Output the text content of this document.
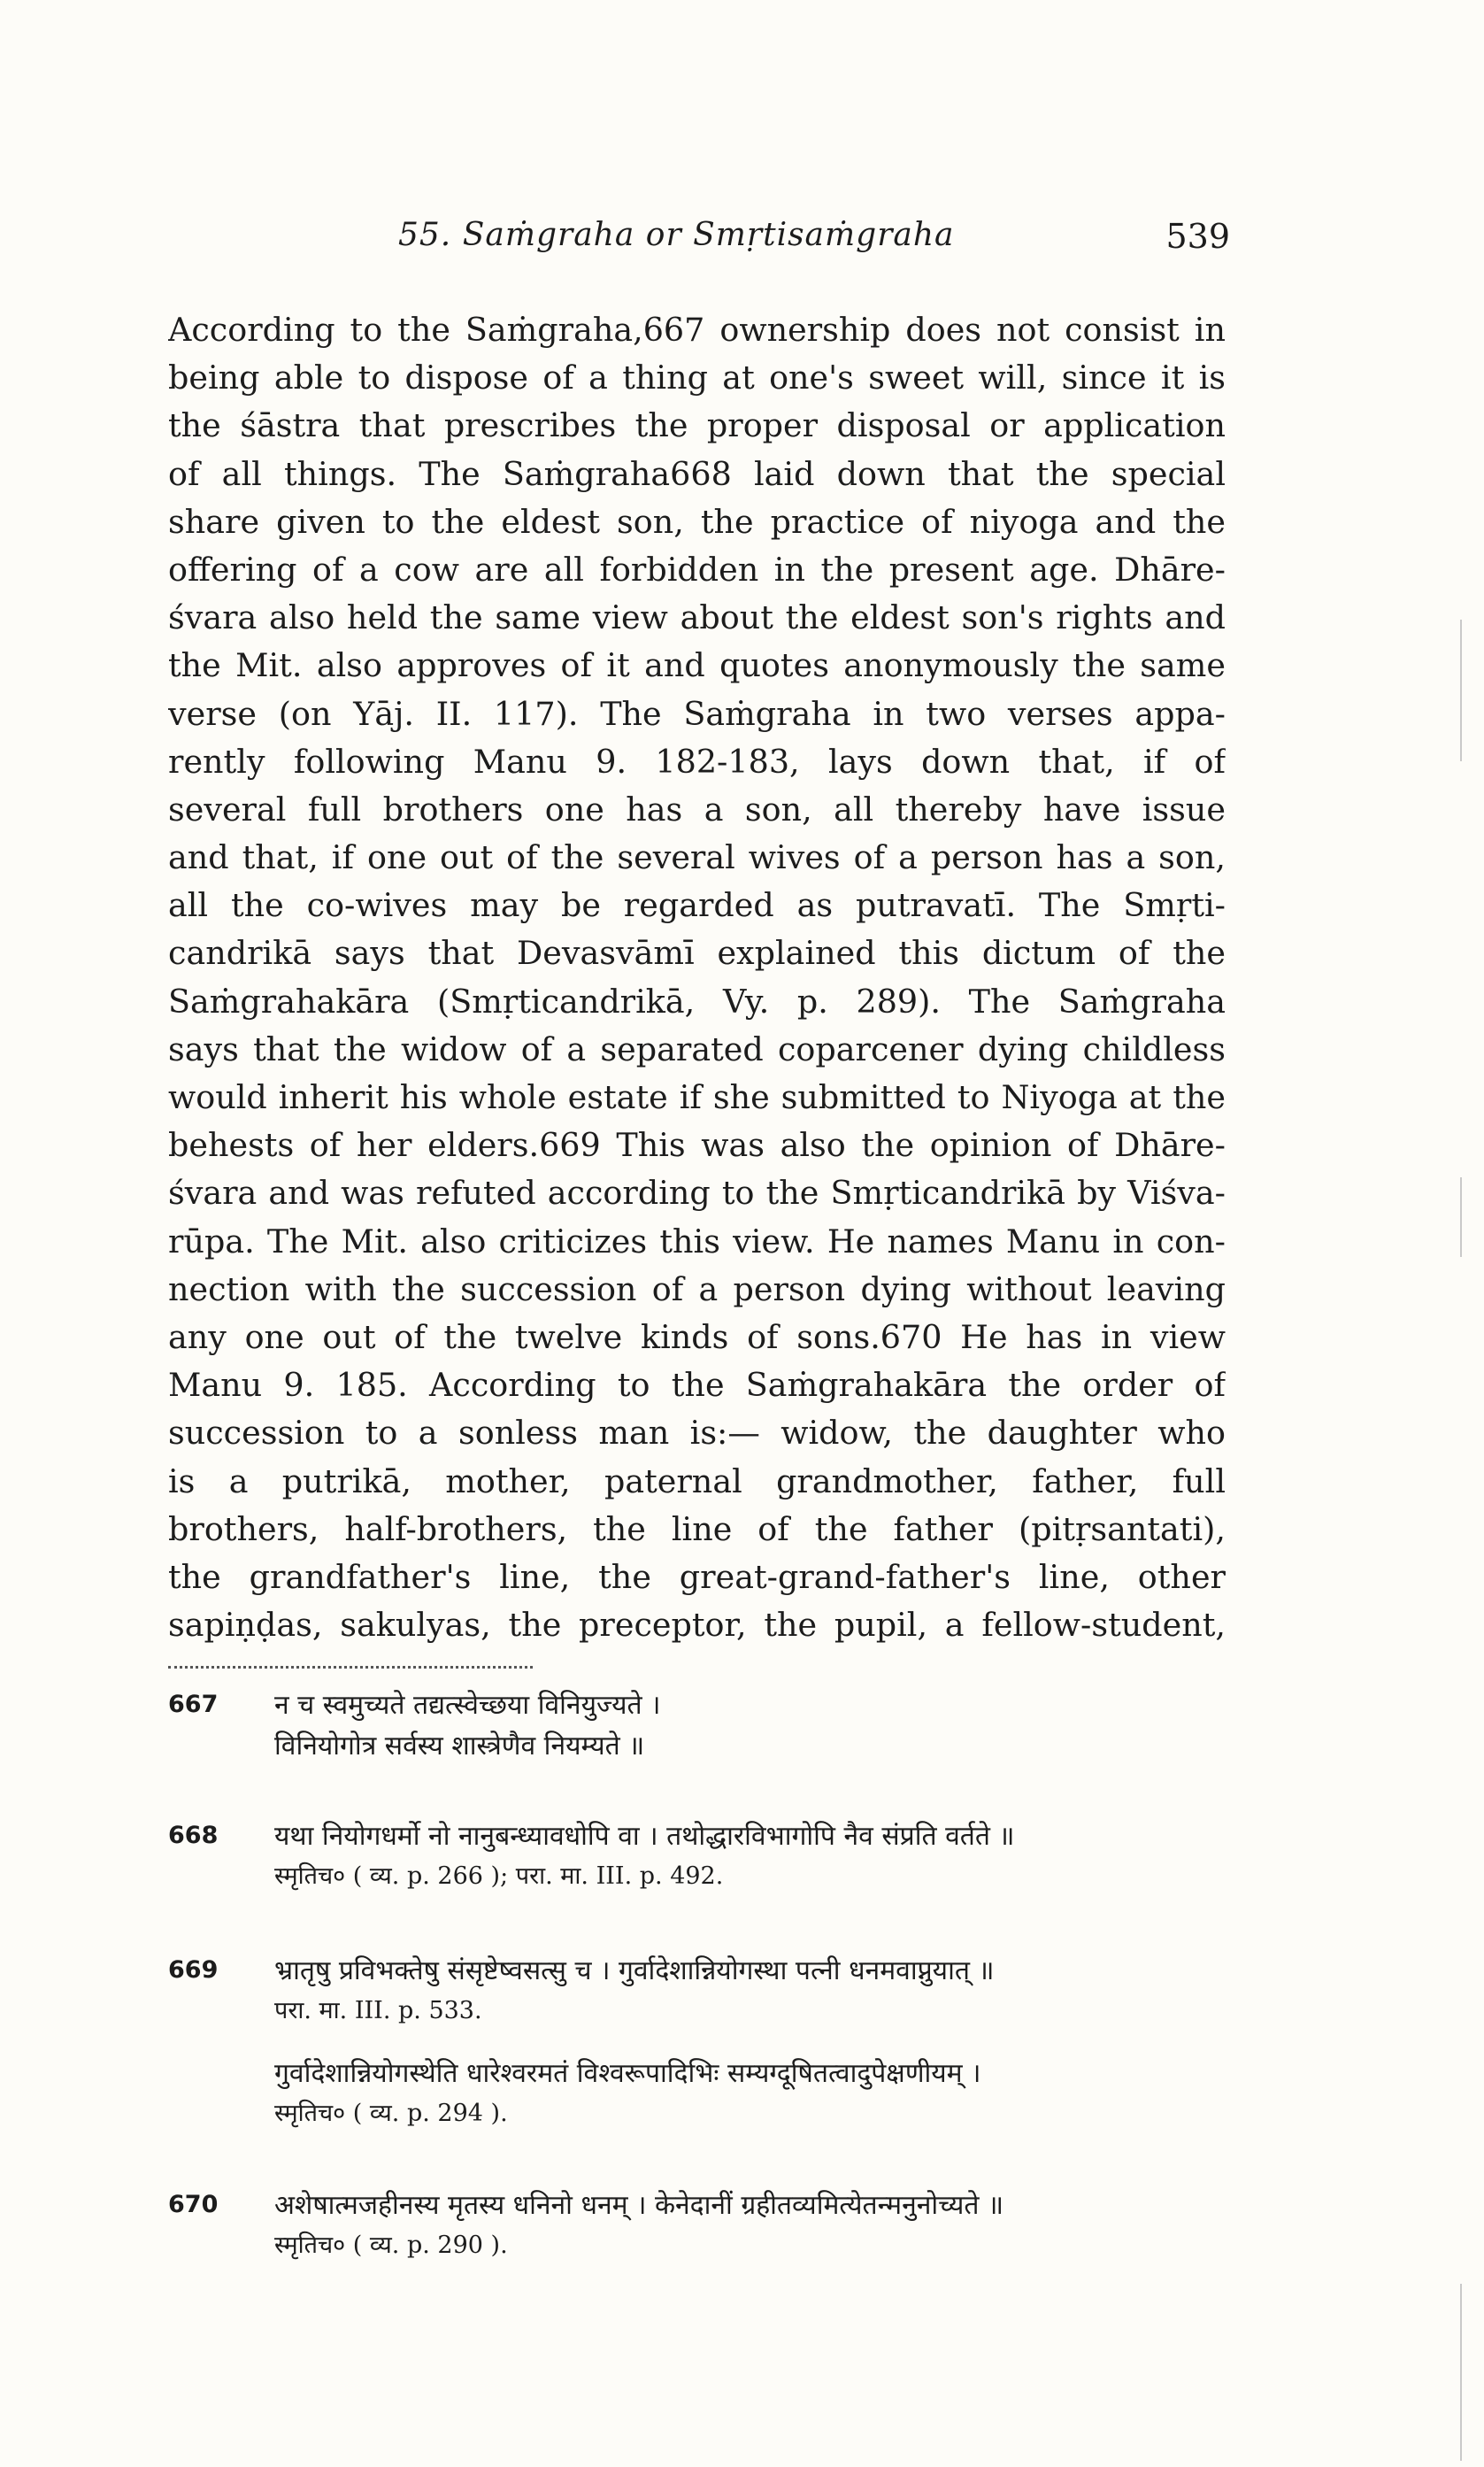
55. Saṁgraha or Smṛtisaṁgraha	539
According to the Saṁgraha,667 ownership does not consist in
being able to dispose of a thing at one's sweet will, since it is
the śāstra that prescribes the proper disposal or application
of all things. The Saṁgraha668 laid down that the special
share given to the eldest son, the practice of niyoga and the
offering of a cow are all forbidden in the present age. Dhāre-
śvara also held the same view about the eldest son's rights and
the Mit. also approves of it and quotes anonymously the same
verse (on Yāj. II. 117). The Saṁgraha in two verses appa-
rently following Manu 9. 182-183, lays down that, if of
several full brothers one has a son, all thereby have issue
and that, if one out of the several wives of a person has a son,
all the co-wives may be regarded as putravatī. The Smṛti-
candrikā says that Devasvāmī explained this dictum of the
Saṁgrahakāra (Smṛticandrikā, Vy. p. 289). The Saṁgraha
says that the widow of a separated coparcener dying childless
would inherit his whole estate if she submitted to Niyoga at the
behests of her elders.669 This was also the opinion of Dhāre-
śvara and was refuted according to the Smṛticandrikā by Viśva-
rūpa. The Mit. also criticizes this view. He names Manu in con-
nection with the succession of a person dying without leaving
any one out of the twelve kinds of sons.670 He has in view
Manu 9. 185. According to the Saṁgrahakāra the order of
succession to a sonless man is:— widow, the daughter who
is a putrikā, mother, paternal grandmother, father, full
brothers, half-brothers, the line of the father (pitṛsantati),
the grandfather's line, the great-grand-father's line, other
sapiṇḍas, sakulyas, the preceptor, the pupil, a fellow-student,
667 न च स्वमुच्यते तद्यत्स्वेच्छया विनियुज्यते ।
विनियोगोत्र सर्वस्य शास्त्रेणैव नियम्यते ॥
668 यथा नियोगधर्मो नो नानुबन्ध्यावधोपि वा । तथोद्धारविभागोपि नैव संप्रति वर्तते ॥
स्मृतिच० ( व्य. p. 266 ); परा. मा. III. p. 492.
669 भ्रातृषु प्रविभक्तेषु संसृष्टेष्वसत्सु च । गुर्वादेशान्नियोगस्था पत्नी धनमवाप्नुयात् ॥
परा. मा. III. p. 533.
गुर्वादेशान्नियोगस्थेति धारेश्वरमतं विश्वरूपादिभिः सम्यग्दूषितत्वादुपेक्षणीयम् ।
स्मृतिच० ( व्य. p. 294 ).
670 अशेषात्मजहीनस्य मृतस्य धनिनो धनम् । केनेदानीं ग्रहीतव्यमित्येतन्मनुनोच्यते ॥
स्मृतिच० ( व्य. p. 290 ).
